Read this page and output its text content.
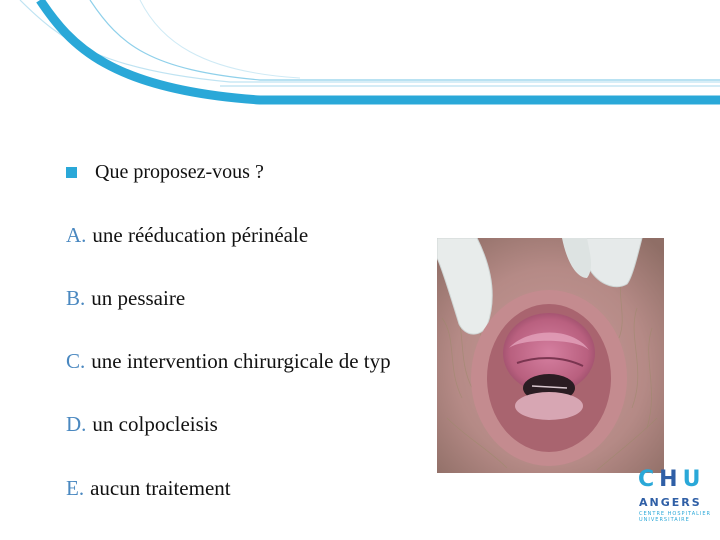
Que proposez-vous ?
A. une rééducation périnéale
B. un pessaire
C. une intervention chirurgicale de typ
D. un colpocleisis
E. aucun traitement	CHU
ANGERS
CENTRE HOSPITALIER UNIVERSITAIRE
